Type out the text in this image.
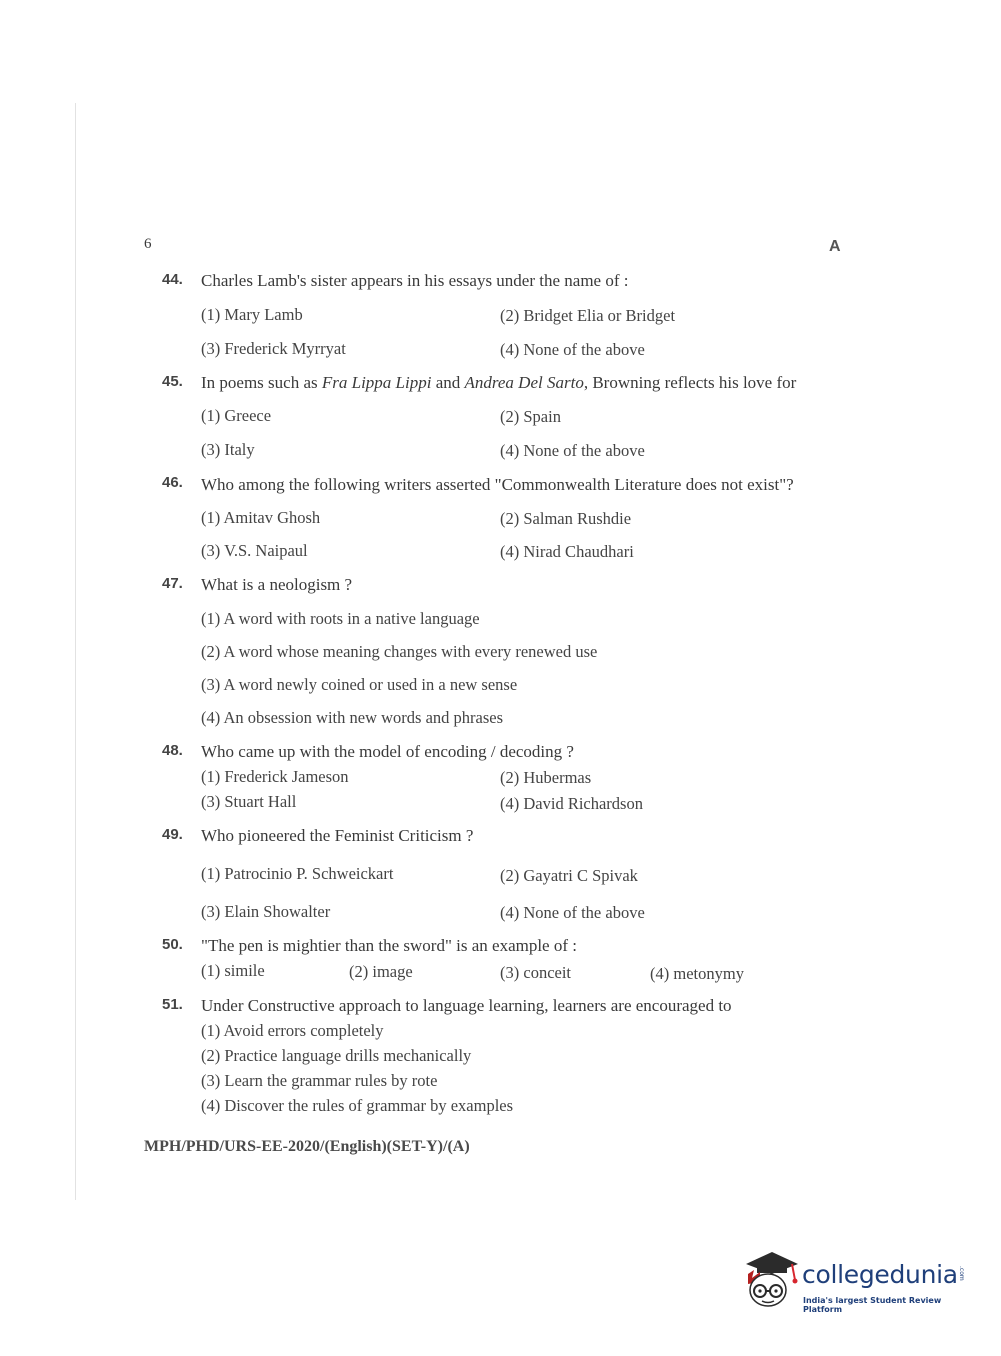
6	A
44. Charles Lamb's sister appears in his essays under the name of :
(1) Mary Lamb	(2) Bridget Elia or Bridget
(3) Frederick Myrryat	(4) None of the above
45. In poems such as Fra Lippa Lippi and Andrea Del Sarto, Browning reflects his love for
(1) Greece	(2) Spain
(3) Italy	(4) None of the above
46. Who among the following writers asserted "Commonwealth Literature does not exist"?
(1) Amitav Ghosh	(2) Salman Rushdie
(3) V.S. Naipaul	(4) Nirad Chaudhari
47. What is a neologism ?
(1) A word with roots in a native language
(2) A word whose meaning changes with every renewed use
(3) A word newly coined or used in a new sense
(4) An obsession with new words and phrases
48. Who came up with the model of encoding / decoding ?
(1) Frederick Jameson	(2) Hubermas
(3) Stuart Hall	(4) David Richardson
49. Who pioneered the Feminist Criticism ?
(1) Patrocinio P. Schweickart	(2) Gayatri C Spivak
(3) Elain Showalter	(4) None of the above
50. "The pen is mightier than the sword" is an example of :
(1) simile	(2) image	(3) conceit	(4) metonymy
51. Under Constructive approach to language learning, learners are encouraged to
(1) Avoid errors completely
(2) Practice language drills mechanically
(3) Learn the grammar rules by rote
(4) Discover the rules of grammar by examples
MPH/PHD/URS-EE-2020/(English)(SET-Y)/(A)
collegedunia .com
India's largest Student Review Platform
